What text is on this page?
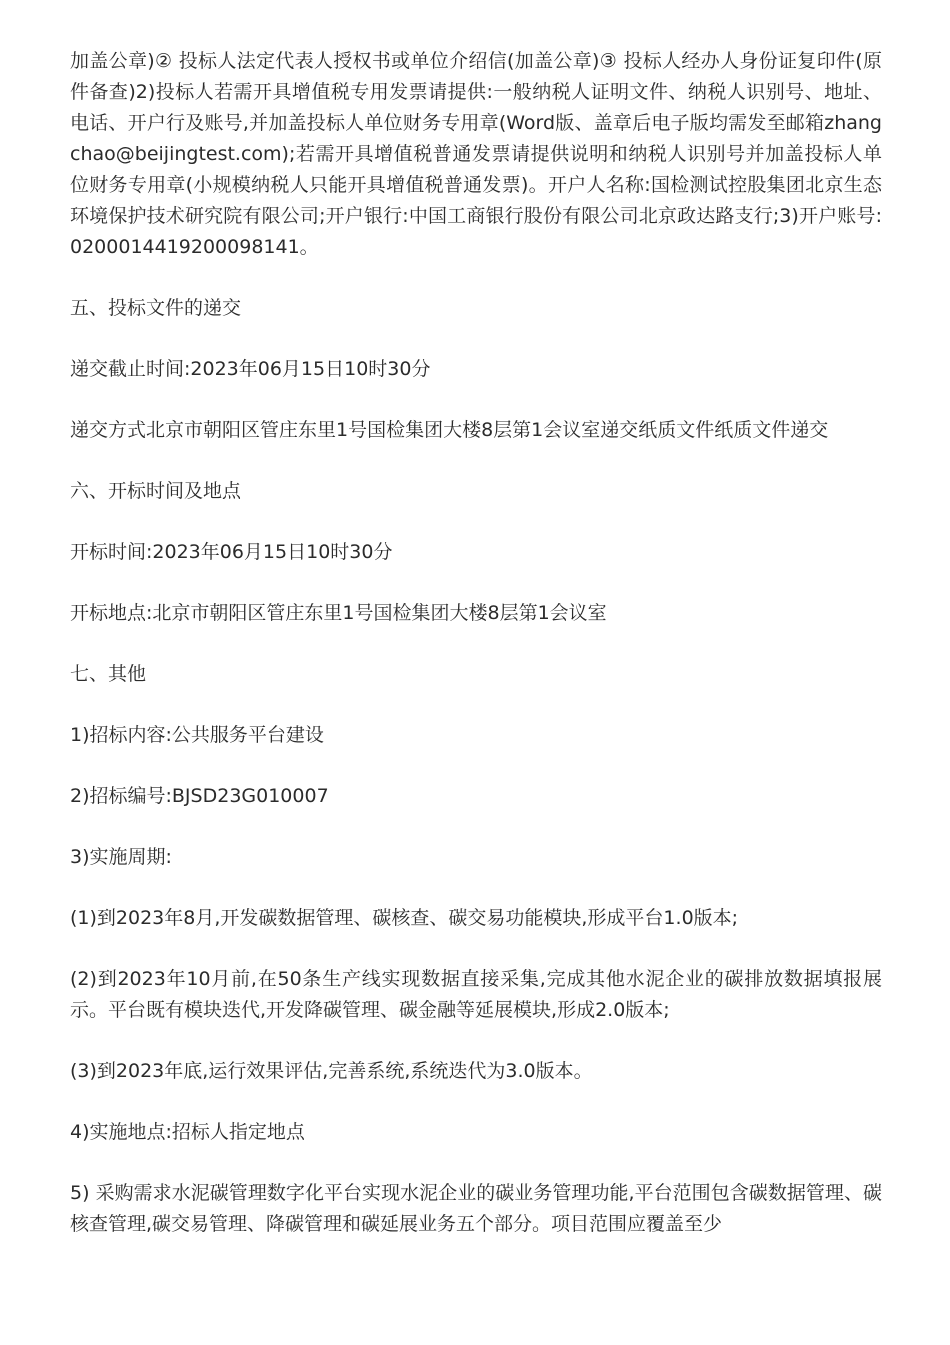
加盖公章)② 投标人法定代表人授权书或单位介绍信(加盖公章)③ 投标人经办人身份证复印件(原件备查)2)投标人若需开具增值税专用发票请提供:一般纳税人证明文件、纳税人识别号、地址、电话、开户行及账号,并加盖投标人单位财务专用章(Word版、盖章后电子版均需发至邮箱zhangchao@beijingtest.com);若需开具增值税普通发票请提供说明和纳税人识别号并加盖投标人单位财务专用章(小规模纳税人只能开具增值税普通发票)。开户人名称:国检测试控股集团北京生态环境保护技术研究院有限公司;开户银行:中国工商银行股份有限公司北京政达路支行;3)开户账号:0200014419200098141。

五、投标文件的递交

递交截止时间:2023年06月15日10时30分

递交方式北京市朝阳区管庄东里1号国检集团大楼8层第1会议室递交纸质文件纸质文件递交

六、开标时间及地点

开标时间:2023年06月15日10时30分

开标地点:北京市朝阳区管庄东里1号国检集团大楼8层第1会议室

七、其他

1)招标内容:公共服务平台建设

2)招标编号:BJSD23G010007

3)实施周期:

(1)到2023年8月,开发碳数据管理、碳核查、碳交易功能模块,形成平台1.0版本;

(2)到2023年10月前,在50条生产线实现数据直接采集,完成其他水泥企业的碳排放数据填报展示。平台既有模块迭代,开发降碳管理、碳金融等延展模块,形成2.0版本;

(3)到2023年底,运行效果评估,完善系统,系统迭代为3.0版本。

4)实施地点:招标人指定地点

5) 采购需求水泥碳管理数字化平台实现水泥企业的碳业务管理功能,平台范围包含碳数据管理、碳核查管理,碳交易管理、降碳管理和碳延展业务五个部分。项目范围应覆盖至少
